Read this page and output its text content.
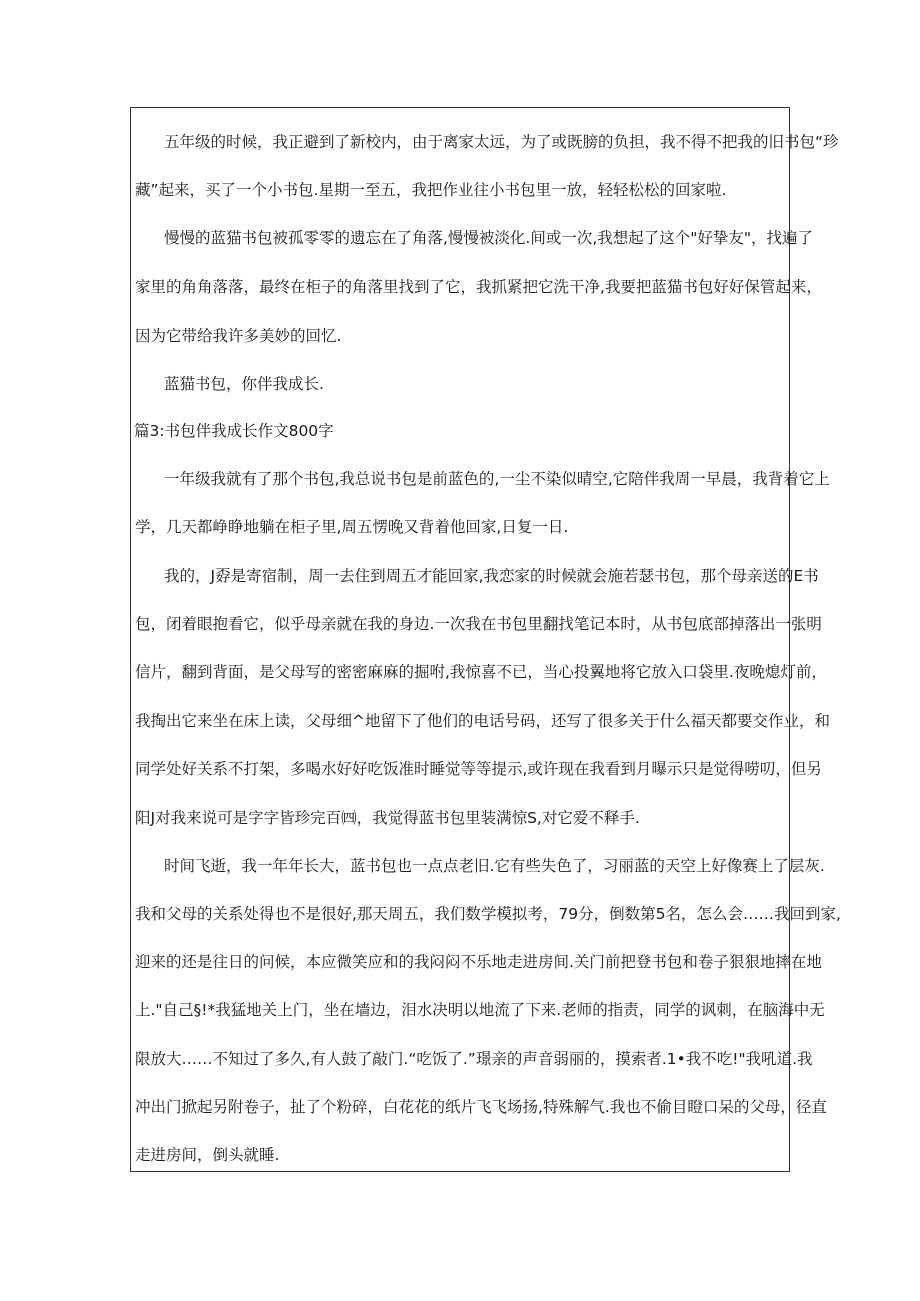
五年级的时候，我正避到了新校内，由于离家太远，为了或既膀的负担，我不得不把我的旧书包“珍
藏”起来，买了一个小书包.星期一至五，我把作业往小书包里一放，轻轻松松的回家啦.
慢慢的蓝猫书包被孤零零的遗忘在了角落,慢慢被淡化.间或一次,我想起了这个"好挚友"，找遍了
家里的角角落落，最终在柜子的角落里找到了它，我抓紧把它洗干净,我要把蓝猫书包好好保管起来，
因为它带给我许多美妙的回忆.
蓝猫书包，你伴我成长.
篇3:书包伴我成长作文800字
一年级我就有了那个书包,我总说书包是前蓝色的,一尘不染似晴空,它陪伴我周一早晨，我背着它上
学，几天都峥睁地躺在柜子里,周五愣晚又背着他回家,日复一日.
我的，J孬是寄宿制，周一去住到周五才能回家,我恋家的时候就会施若瑟书包，那个母亲送的E书
包，闭着眼抱看它，似乎母亲就在我的身边.一次我在书包里翻找笔记本时，从书包底部掉落出一张明
信片，翻到背面，是父母写的密密麻麻的掘咐,我惊喜不已，当心投翼地将它放入口袋里.夜晚熄灯前，
我掏出它来坐在床上读，父母细^地留下了他们的电话号码，还写了很多关于什么福天都要交作业，和
同学处好关系不打架，多喝水好好吃饭准时睡觉等等提示,或许现在我看到月曝示只是觉得唠叨，但另
阳J对我来说可是字字皆珍完百㈣，我觉得蓝书包里装满惊S,对它爱不释手.
时间飞逝，我一年年长大，蓝书包也一点点老旧.它有些失色了，习丽蓝的天空上好像赛上了层灰.
我和父母的关系处得也不是很好,那天周五，我们数学模拟考，79分，倒数第5名，怎么会……我回到家,
迎来的还是往日的问候，本应微笑应和的我闷闷不乐地走进房间.关门前把登书包和卷子狠狠地摔在地
上."自己§!*我猛地关上门，坐在墙边，泪水决明以地流了下来.老师的指责，同学的讽刺，在脑海中无
限放大……不知过了多久,有人鼓了敲门.“吃饭了.”璟亲的声音弱丽的，摸索者.1•我不吃!"我吼道.我
冲出门掀起另附卷子，扯了个粉碎，白花花的纸片飞飞场扬,特殊解气.我也不偷目瞪口呆的父母，径直
走进房间，倒头就睡.
